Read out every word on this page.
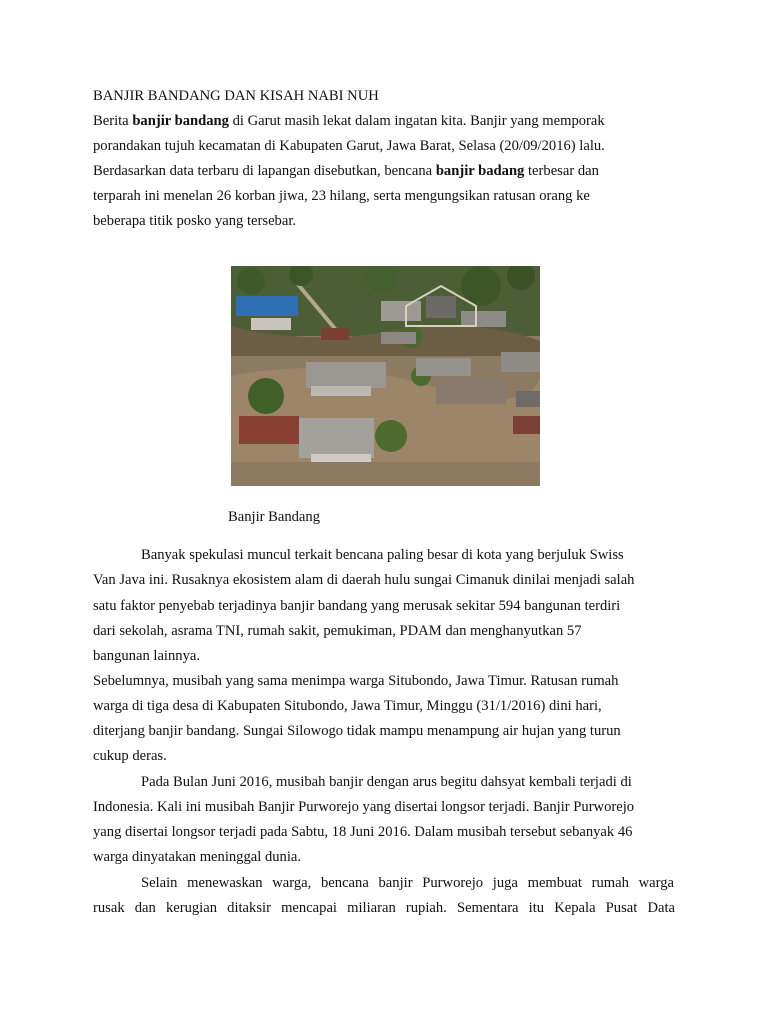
BANJIR BANDANG DAN KISAH NABI NUH

Berita banjir bandang di Garut masih lekat dalam ingatan kita. Banjir yang memporak

porandakan tujuh kecamatan di Kabupaten Garut, Jawa Barat, Selasa (20/09/2016) lalu.

Berdasarkan data terbaru di lapangan disebutkan, bencana banjir badang terbesar dan

terparah ini menelan 26 korban jiwa, 23 hilang, serta mengungsikan ratusan orang ke

beberapa titik posko yang tersebar.

Banjir Bandang

Banyak spekulasi muncul terkait bencana paling besar di kota yang berjuluk Swiss

Van Java ini. Rusaknya ekosistem alam di daerah hulu sungai Cimanuk dinilai menjadi salah

satu faktor penyebab terjadinya banjir bandang yang merusak sekitar 594 bangunan terdiri

dari sekolah, asrama TNI, rumah sakit, pemukiman, PDAM dan menghanyutkan 57

bangunan lainnya.

Sebelumnya, musibah yang sama menimpa warga Situbondo, Jawa Timur. Ratusan rumah

warga di tiga desa di Kabupaten Situbondo, Jawa Timur, Minggu (31/1/2016) dini hari,

diterjang banjir bandang. Sungai Silowogo tidak mampu menampung air hujan yang turun

cukup deras.

Pada Bulan Juni 2016, musibah banjir dengan arus begitu dahsyat kembali terjadi di

Indonesia. Kali ini musibah Banjir Purworejo yang disertai longsor terjadi. Banjir Purworejo

yang disertai longsor terjadi pada Sabtu, 18 Juni 2016. Dalam musibah tersebut sebanyak 46

warga dinyatakan meninggal dunia.

Selain menewaskan warga, bencana banjir Purworejo juga membuat rumah warga

rusak dan kerugian ditaksir mencapai miliaran rupiah. Sementara itu Kepala Pusat Data
